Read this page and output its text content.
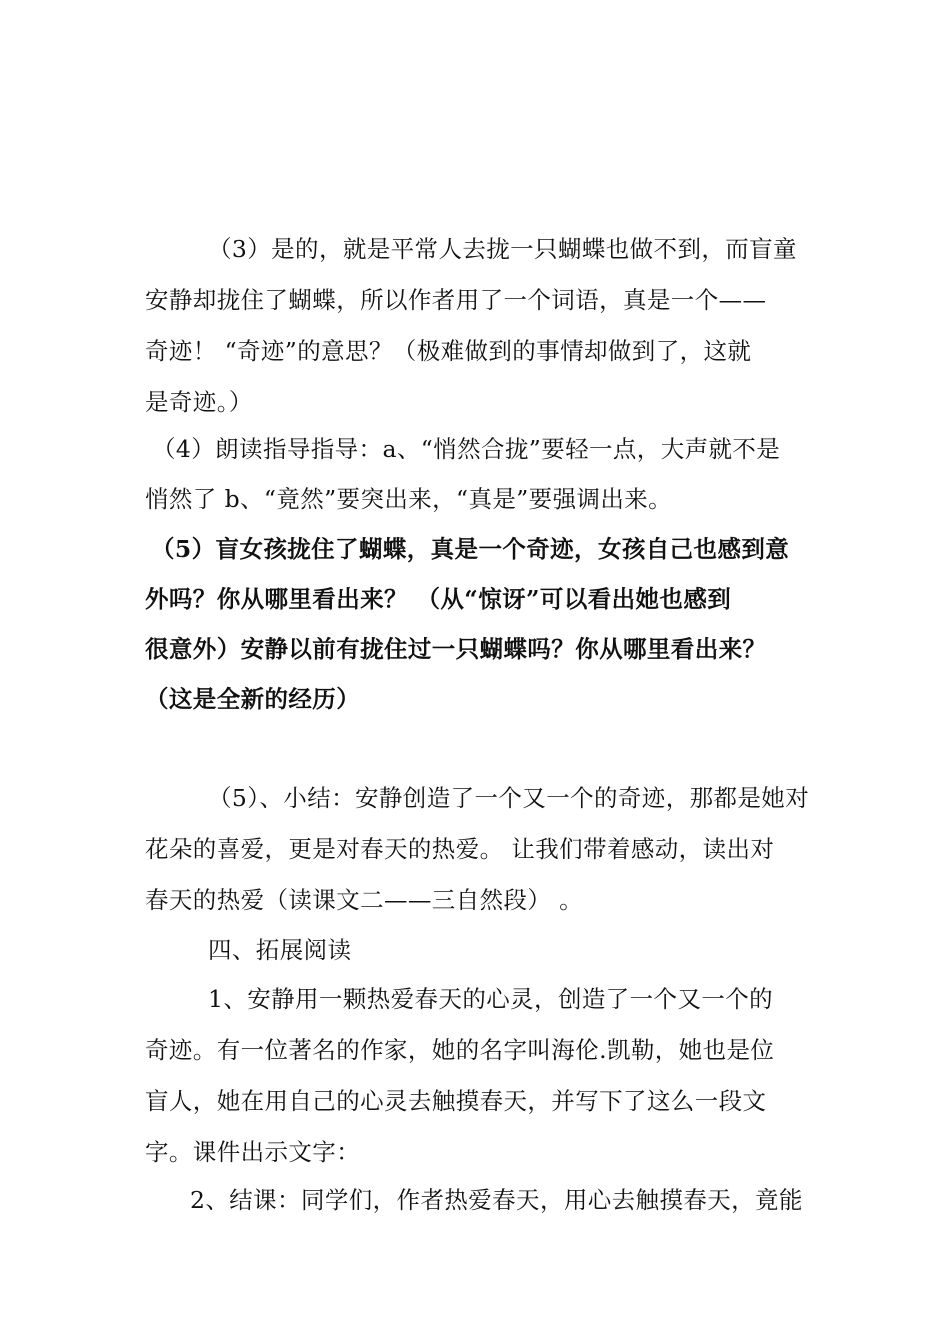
（3）是的，就是平常人去拢一只蝴蝶也做不到，而盲童
安静却拢住了蝴蝶，所以作者用了一个词语，真是一个——
奇迹！ “奇迹”的意思？（极难做到的事情却做到了，这就
是奇迹。）
（4）朗读指导指导：a、“悄然合拢”要轻一点，大声就不是
悄然了 b、“竟然”要突出来，“真是”要强调出来。
（5）盲女孩拢住了蝴蝶，真是一个奇迹，女孩自己也感到意
外吗？你从哪里看出来？ （从“惊讶”可以看出她也感到
很意外）安静以前有拢住过一只蝴蝶吗？你从哪里看出来？
（这是全新的经历）
（5）、小结：安静创造了一个又一个的奇迹，那都是她对
花朵的喜爱，更是对春天的热爱。 让我们带着感动，读出对
春天的热爱（读课文二——三自然段） 。
四、拓展阅读
1、安静用一颗热爱春天的心灵，创造了一个又一个的
奇迹。有一位著名的作家，她的名字叫海伦.凯勒，她也是位
盲人，她在用自己的心灵去触摸春天，并写下了这么一段文
字。课件出示文字：
2、结课：同学们，作者热爱春天，用心去触摸春天，竟能
